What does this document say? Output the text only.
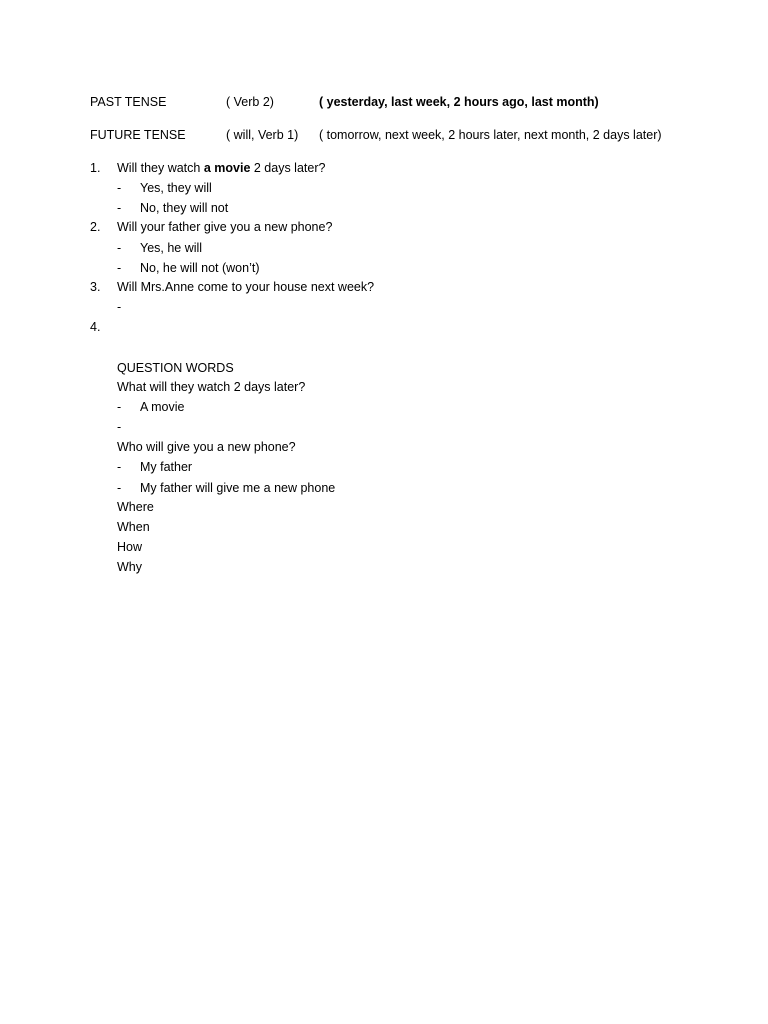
PAST TENSE	( Verb 2)	( yesterday, last week, 2 hours ago, last month)
FUTURE TENSE	( will, Verb 1) ( tomorrow, next week, 2 hours later, next month, 2 days later)
1. Will they watch a movie 2 days later?
- Yes, they will
- No, they will not
2. Will your father give you a new phone?
- Yes, he will
- No, he will not (won’t)
3. Will Mrs.Anne come to your house next week?
-
4.
QUESTION WORDS
What will they watch 2 days later?
- A movie
-
Who will give you a new phone?
- My father
- My father will give me a new phone
Where
When
How
Why
